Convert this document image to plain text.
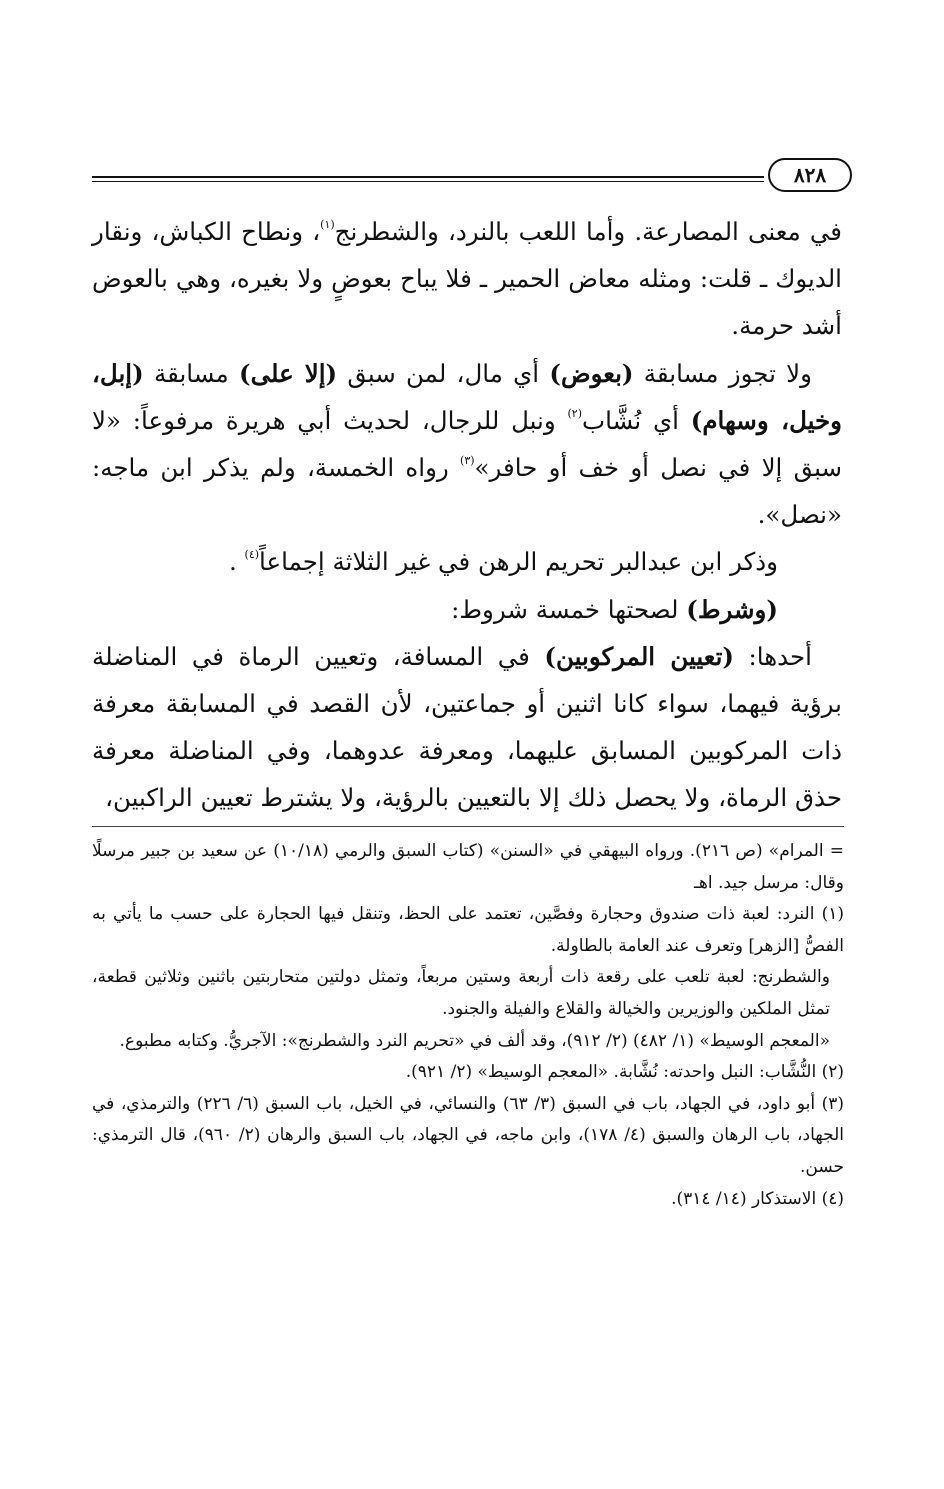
٨٢٨

في معنى المصارعة. وأما اللعب بالنرد، والشطرنج$^{(١)}$، ونطاح الكباش، ونقار الديوك ـ قلت: ومثله معاض الحمير ـ فلا يباح بعوضٍ ولا بغيره، وهي بالعوض أشد حرمة.

ولا تجوز مسابقة (بعوض) أي مال، لمن سبق (إلا على) مسابقة (إبل، وخيل، وسهام) أي نُشَّاب$^{(٢)}$ ونبل للرجال، لحديث أبي هريرة مرفوعاً: «لا سبق إلا في نصل أو خف أو حافر»$^{(٣)}$ رواه الخمسة، ولم يذكر ابن ماجه: «نصل».

وذكر ابن عبدالبر تحريم الرهن في غير الثلاثة إجماعاً$^{(٤)}$ .

(وشرط) لصحتها خمسة شروط:

أحدها: (تعيين المركوبين) في المسافة، وتعيين الرماة في المناضلة برؤية فيهما، سواء كانا اثنين أو جماعتين، لأن القصد في المسابقة معرفة ذات المركوبين المسابق عليهما، ومعرفة عدوهما، وفي المناضلة معرفة حذق الرماة، ولا يحصل ذلك إلا بالتعيين بالرؤية، ولا يشترط تعيين الراكبين،

= المرام» (ص ٢١٦). ورواه البيهقي في «السنن» (كتاب السبق والرمي (١٠/١٨) عن سعيد بن جبير مرسلًا وقال: مرسل جيد. اهـ

(١) النرد: لعبة ذات صندوق وحجارة وفصَّين، تعتمد على الحظ، وتنقل فيها الحجارة على حسب ما يأتي به الفصُّ [الزهر] وتعرف عند العامة بالطاولة.

والشطرنج: لعبة تلعب على رقعة ذات أربعة وستين مربعاً، وتمثل دولتين متحاربتين باثنين وثلاثين قطعة، تمثل الملكين والوزيرين والخيالة والقلاع والفيلة والجنود.

«المعجم الوسيط» (١/ ٤٨٢) (٢/ ٩١٢)، وقد ألف في «تحريم النرد والشطرنج»: الآجريُّ. وكتابه مطبوع.

(٢) النُّشَّاب: النبل واحدته: نُشَّابة. «المعجم الوسيط» (٢/ ٩٢١).

(٣) أبو داود، في الجهاد، باب في السبق (٣/ ٦٣) والنسائي، في الخيل، باب السبق (٦/ ٢٢٦) والترمذي، في الجهاد، باب الرهان والسبق (٤/ ١٧٨)، وابن ماجه، في الجهاد، باب السبق والرهان (٢/ ٩٦٠)، قال الترمذي: حسن.

(٤) الاستذكار (١٤/ ٣١٤).
